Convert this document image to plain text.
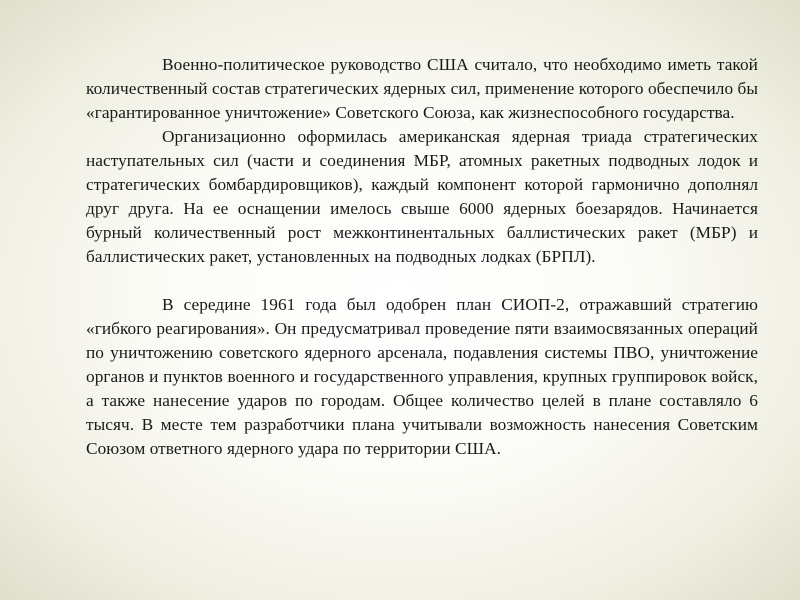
Военно-политическое руководство США считало, что необходимо иметь такой количественный состав стратегических ядерных сил, применение которого обеспечило бы «гарантированное уничтожение» Советского Союза, как жизнеспособного государства.

Организационно оформилась американская ядерная триада стратегических наступательных сил (части и соединения МБР, атомных ракетных подводных лодок и стратегических бомбардировщиков), каждый компонент которой гармонично дополнял друг друга. На ее оснащении имелось свыше 6000 ядерных боезарядов. Начинается бурный количественный рост межконтинентальных баллистических ракет (МБР) и баллистических ракет, установленных на подводных лодках (БРПЛ).

В середине 1961 года был одобрен план СИОП-2, отражавший стратегию «гибкого реагирования». Он предусматривал проведение пяти взаимосвязанных операций по уничтожению советского ядерного арсенала, подавления системы ПВО, уничтожение органов и пунктов военного и государственного управления, крупных группировок войск, а также нанесение ударов по городам. Общее количество целей в плане составляло 6 тысяч. В месте тем разработчики плана учитывали возможность нанесения Советским Союзом ответного ядерного удара по территории США.
